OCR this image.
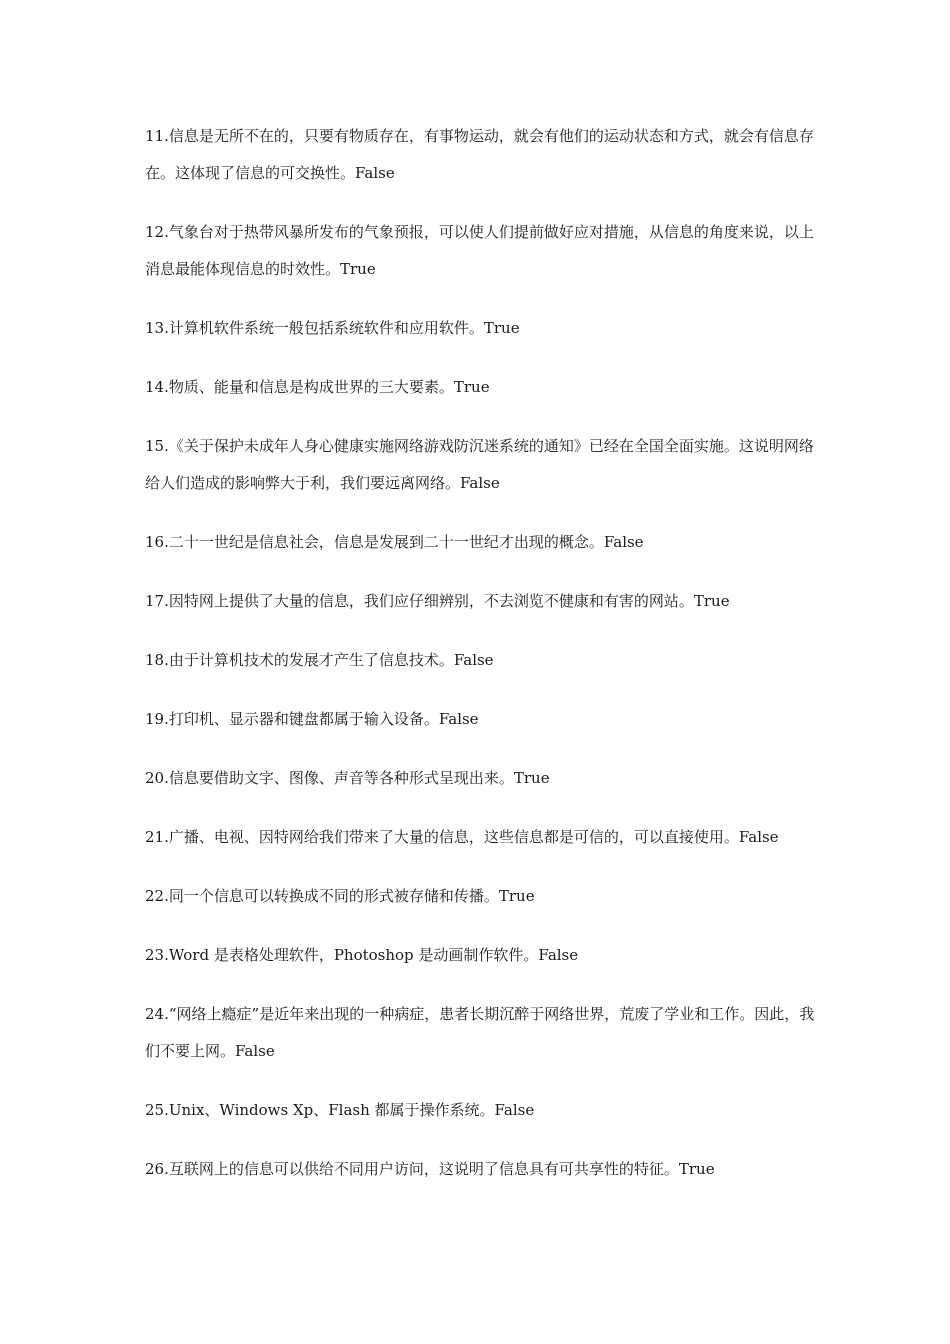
11.信息是无所不在的，只要有物质存在，有事物运动，就会有他们的运动状态和方式，就会有信息存在。这体现了信息的可交换性。False

12.气象台对于热带风暴所发布的气象预报，可以使人们提前做好应对措施，从信息的角度来说，以上消息最能体现信息的时效性。True

13.计算机软件系统一般包括系统软件和应用软件。True

14.物质、能量和信息是构成世界的三大要素。True

15.《关于保护未成年人身心健康实施网络游戏防沉迷系统的通知》已经在全国全面实施。这说明网络给人们造成的影响弊大于利，我们要远离网络。False

16.二十一世纪是信息社会，信息是发展到二十一世纪才出现的概念。False

17.因特网上提供了大量的信息，我们应仔细辨别，不去浏览不健康和有害的网站。True

18.由于计算机技术的发展才产生了信息技术。False

19.打印机、显示器和键盘都属于输入设备。False

20.信息要借助文字、图像、声音等各种形式呈现出来。True

21.广播、电视、因特网给我们带来了大量的信息，这些信息都是可信的，可以直接使用。False

22.同一个信息可以转换成不同的形式被存储和传播。True

23.Word 是表格处理软件，Photoshop 是动画制作软件。False

24.“网络上瘾症”是近年来出现的一种病症，患者长期沉醉于网络世界，荒废了学业和工作。因此，我们不要上网。False

25.Unix、Windows Xp、Flash 都属于操作系统。False

26.互联网上的信息可以供给不同用户访问，这说明了信息具有可共享性的特征。True
